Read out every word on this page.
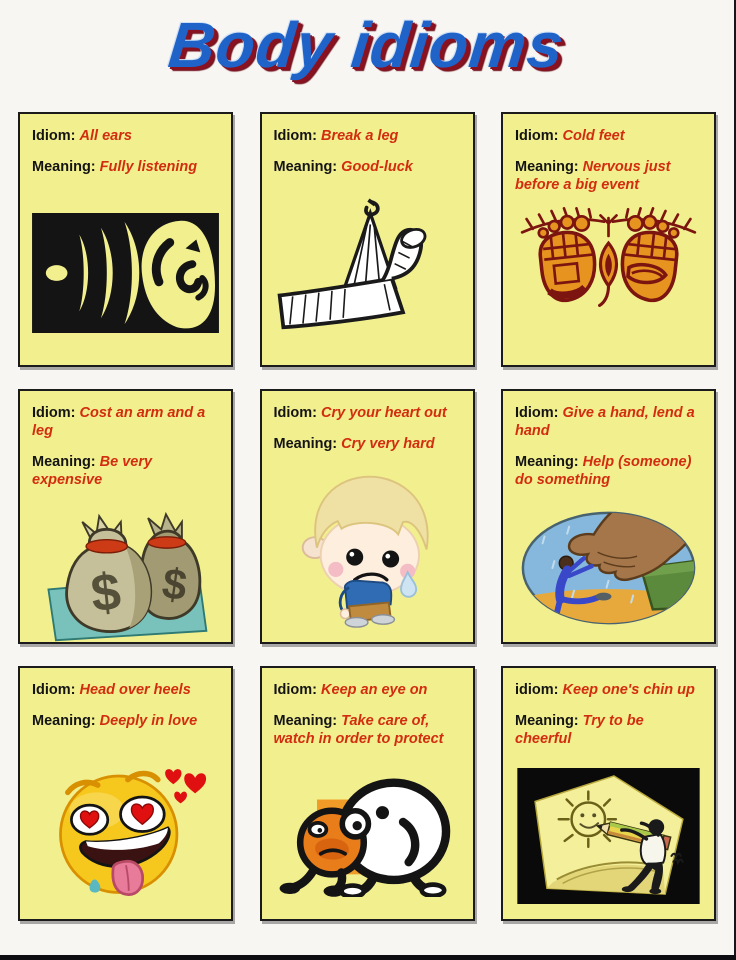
Body idioms
Idiom: All ears
Meaning: Fully listening
Idiom: Break a leg
Meaning: Good-luck
Idiom: Cold feet
Meaning: Nervous just before a big event
Idiom: Cost an arm and a leg
Meaning: Be very expensive
$
$
Idiom: Cry your heart out
Meaning: Cry very hard
Idiom: Give a hand, lend a hand
Meaning: Help (someone) do something
Idiom: Head over heels
Meaning: Deeply in love
Idiom: Keep an eye on
Meaning: Take care of, watch in order to protect
idiom: Keep one's chin up
Meaning: Try to be cheerful
